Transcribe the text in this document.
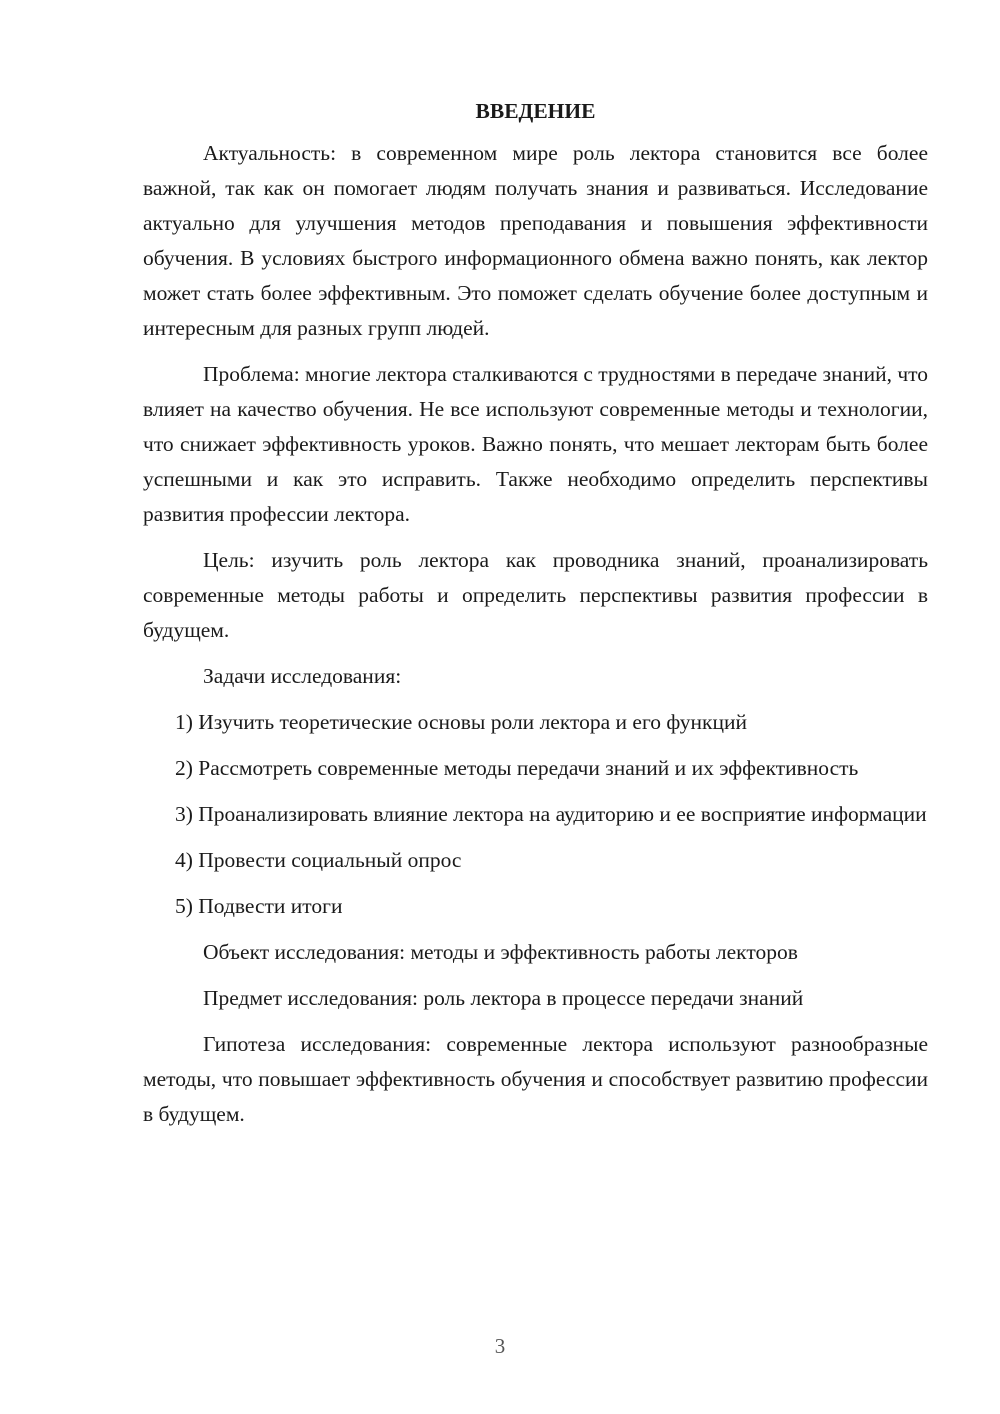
ВВЕДЕНИЕ
Актуальность: в современном мире роль лектора становится все более важной, так как он помогает людям получать знания и развиваться. Исследование актуально для улучшения методов преподавания и повышения эффективности обучения. В условиях быстрого информационного обмена важно понять, как лектор может стать более эффективным. Это поможет сделать обучение более доступным и интересным для разных групп людей.
Проблема: многие лектора сталкиваются с трудностями в передаче знаний, что влияет на качество обучения. Не все используют современные методы и технологии, что снижает эффективность уроков. Важно понять, что мешает лекторам быть более успешными и как это исправить. Также необходимо определить перспективы развития профессии лектора.
Цель: изучить роль лектора как проводника знаний, проанализировать современные методы работы и определить перспективы развития профессии в будущем.
Задачи исследования:
1) Изучить теоретические основы роли лектора и его функций
2) Рассмотреть современные методы передачи знаний и их эффективность
3) Проанализировать влияние лектора на аудиторию и ее восприятие информации
4) Провести социальный опрос
5) Подвести итоги
Объект исследования: методы и эффективность работы лекторов
Предмет исследования: роль лектора в процессе передачи знаний
Гипотеза исследования: современные лектора используют разнообразные методы, что повышает эффективность обучения и способствует развитию профессии в будущем.
3
